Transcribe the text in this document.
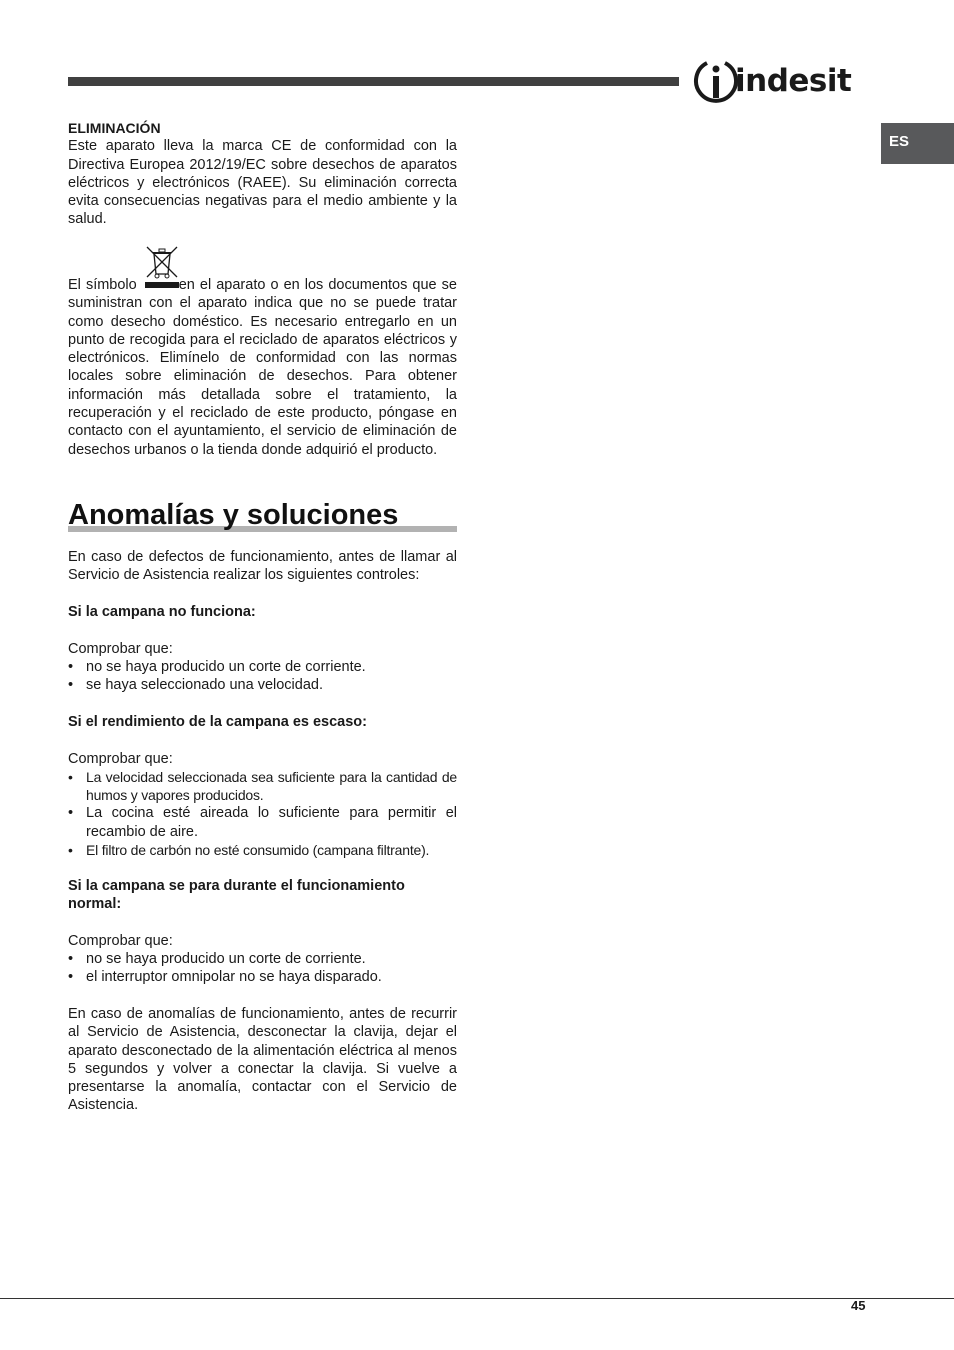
indesit
ES
ELIMINACIÓN

Este aparato lleva la marca CE de conformidad con la Directiva Europea 2012/19/EC sobre desechos de aparatos eléctricos y electrónicos (RAEE). Su eliminación correcta evita consecuencias negativas para el medio ambiente y la salud.

El símbolo	en el aparato o en los documentos que se suministran con el aparato indica que no se puede tratar como desecho doméstico. Es necesario entregarlo en un punto de recogida para el reciclado de aparatos eléctricos y electrónicos. Elimínelo de conformidad con las normas locales sobre eliminación de desechos. Para obtener información más detallada sobre el tratamiento, la recuperación y el reciclado de este producto, póngase en contacto con el ayuntamiento, el servicio de eliminación de desechos urbanos o la tienda donde adquirió el producto.

Anomalías y soluciones

En caso de defectos de funcionamiento, antes de llamar al Servicio de Asistencia realizar los siguientes controles:

Si la campana no funciona:
Comprobar que:
• no se haya producido un corte de corriente.
• se haya seleccionado una velocidad.
Si el rendimiento de la campana es escaso:
Comprobar que:
• La velocidad seleccionada sea suficiente para la cantidad de humos y vapores producidos.
• La cocina esté aireada lo suficiente para permitir el recambio de aire.
• El filtro de carbón no esté consumido (campana filtrante).
Si la campana se para durante el funcionamiento normal:
Comprobar que:
• no se haya producido un corte de corriente.
• el interruptor omnipolar no se haya disparado.

En caso de anomalías de funcionamiento, antes de recurrir al Servicio de Asistencia, desconectar la clavija, dejar el aparato desconectado de la alimentación eléctrica al menos 5 segundos y volver a conectar la clavija. Si vuelve a presentarse la anomalía, contactar con el Servicio de Asistencia.

45
